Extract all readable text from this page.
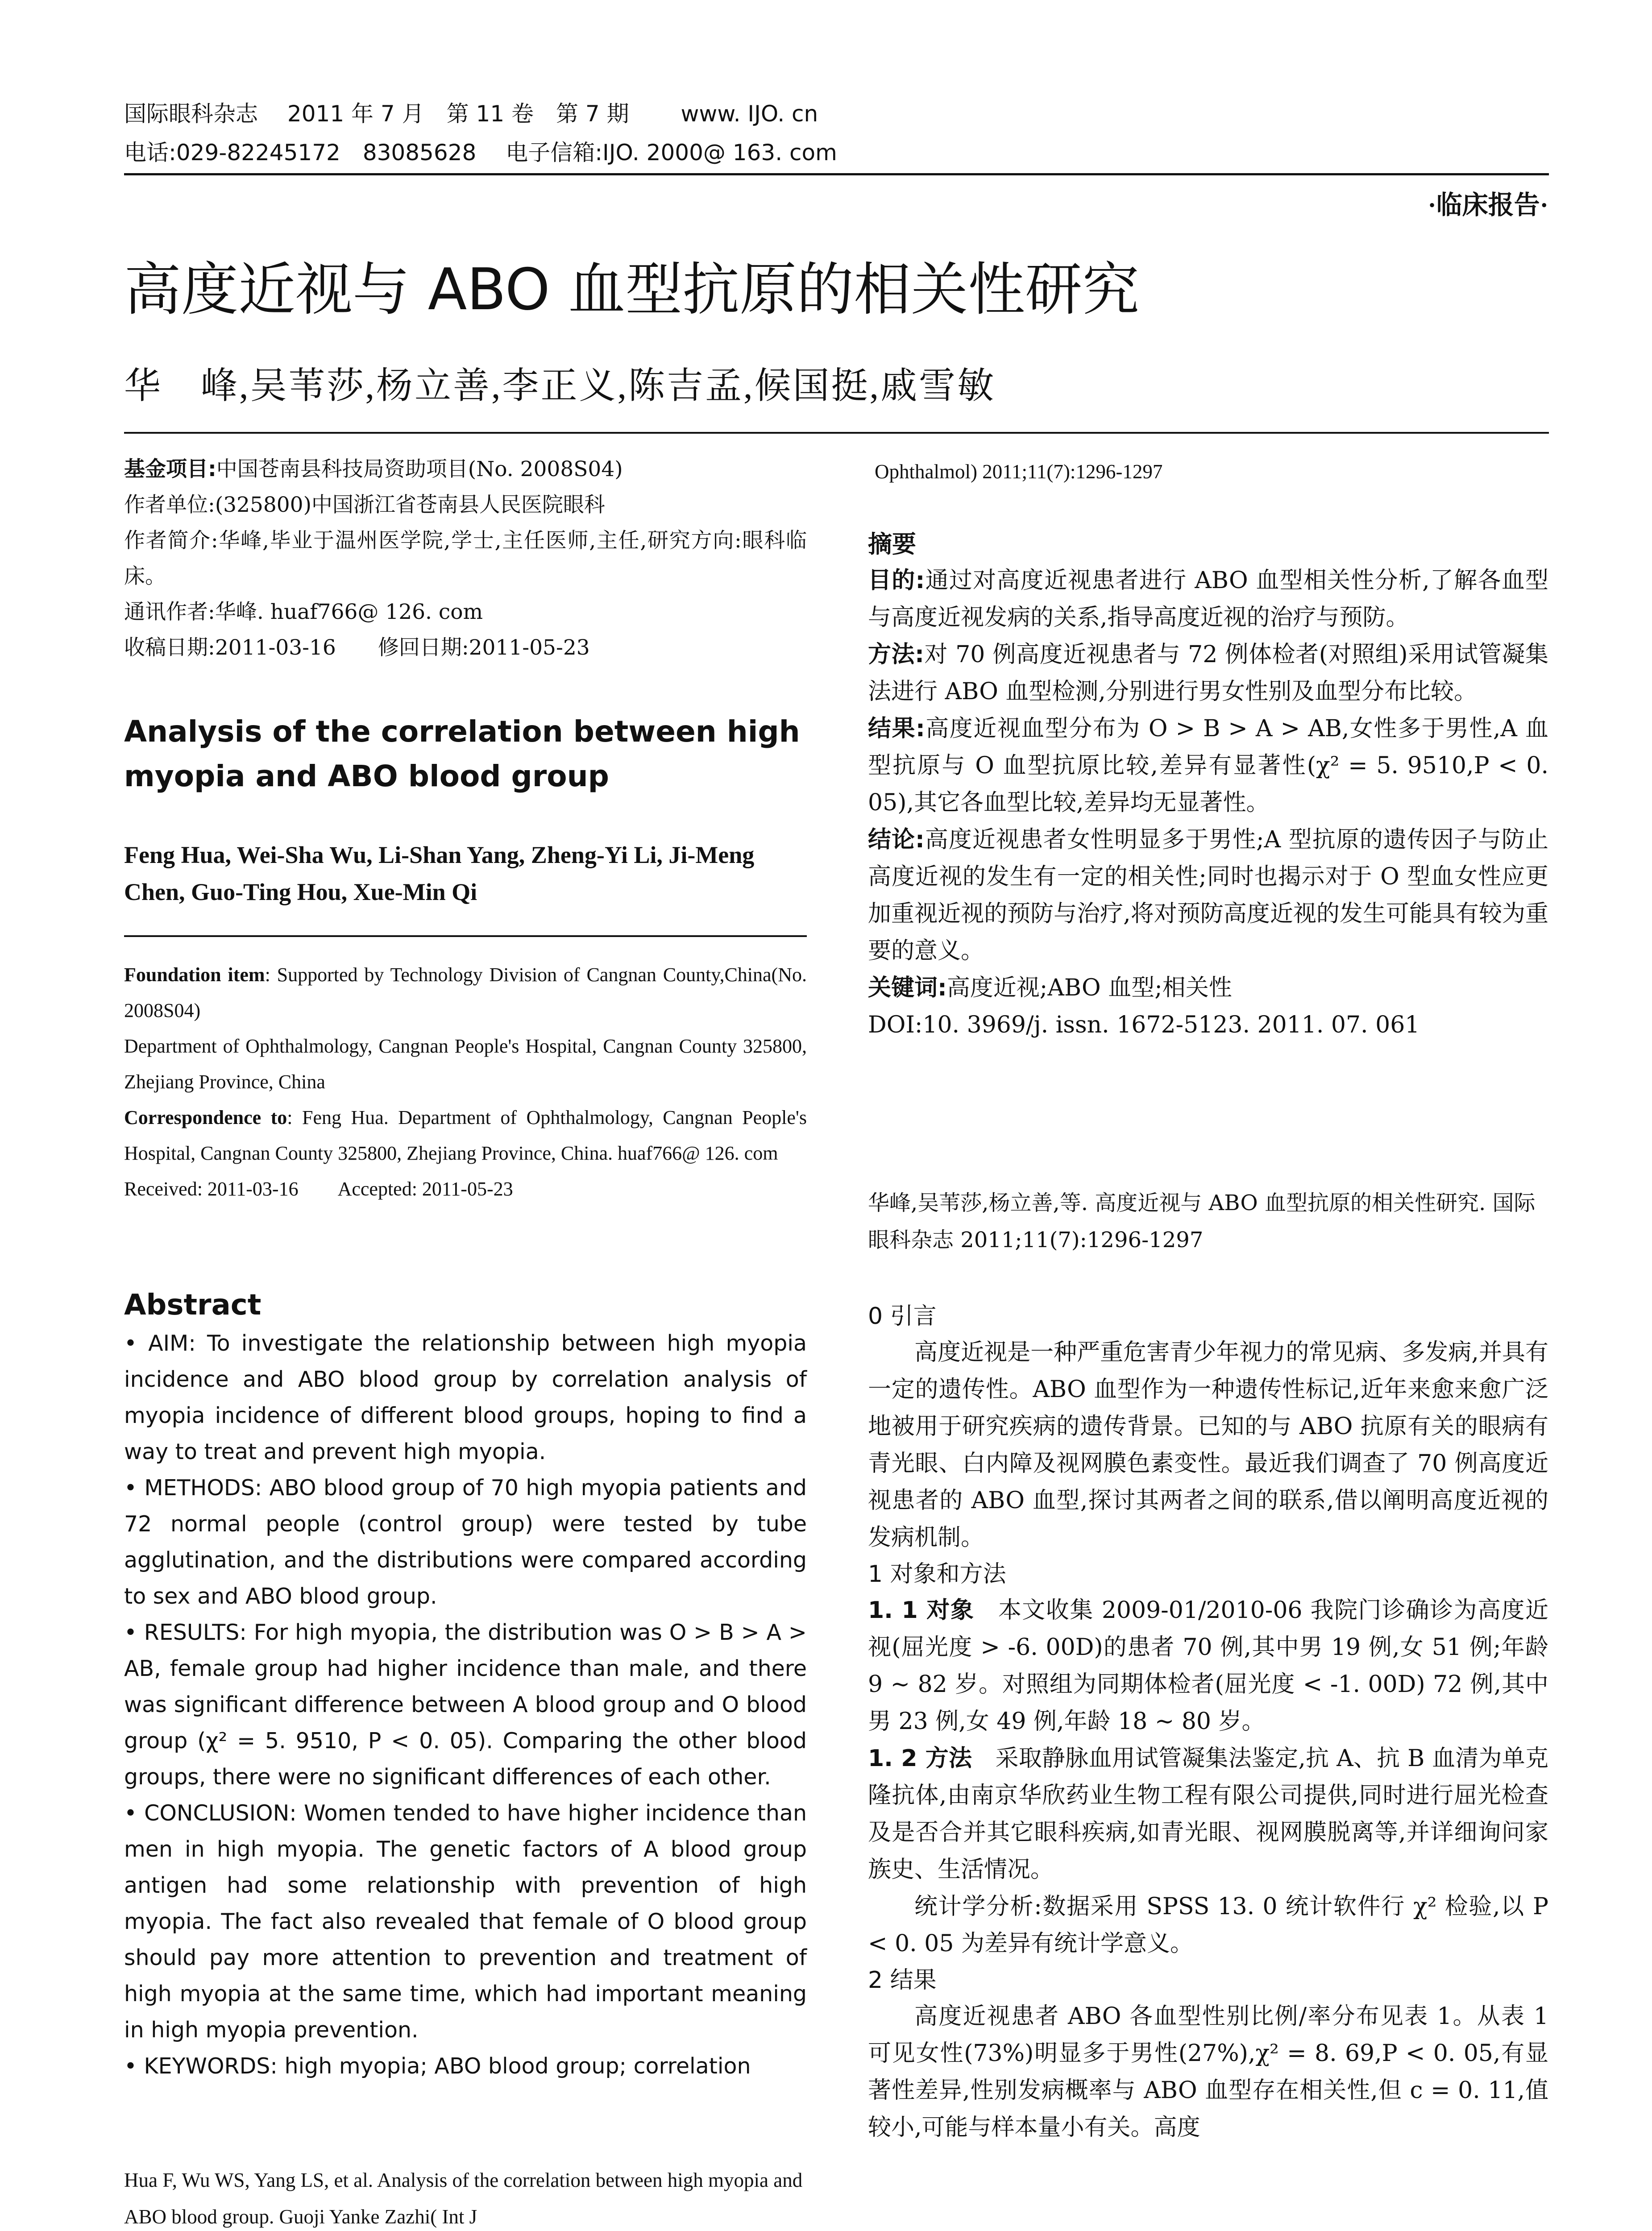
国际眼科杂志　 2011 年 7 月　第 11 卷　第 7 期　　 www. IJO. cn
电话:029-82245172　83085628　 电子信箱:IJO. 2000@ 163. com
·临床报告·
高度近视与 ABO 血型抗原的相关性研究
华　峰,吴苇莎,杨立善,李正义,陈吉孟,候国挺,戚雪敏

基金项目:中国苍南县科技局资助项目(No. 2008S04)

作者单位:(325800)中国浙江省苍南县人民医院眼科

作者简介:华峰,毕业于温州医学院,学士,主任医师,主任,研究方向:眼科临床。

通讯作者:华峰. huaf766@ 126. com

收稿日期:2011-03-16　　修回日期:2011-05-23

Analysis of the correlation between high myopia and ABO blood group
Feng Hua, Wei-Sha Wu, Li-Shan Yang, Zheng-Yi Li, Ji-Meng Chen, Guo-Ting Hou, Xue-Min Qi

Foundation item: Supported by Technology Division of Cangnan County,China(No. 2008S04)

Department of Ophthalmology, Cangnan People's Hospital, Cangnan County 325800, Zhejiang Province, China

Correspondence to: Feng Hua. Department of Ophthalmology, Cangnan People's Hospital, Cangnan County 325800, Zhejiang Province, China. huaf766@ 126. com

Received: 2011-03-16　　Accepted: 2011-05-23

Abstract

• AIM: To investigate the relationship between high myopia incidence and ABO blood group by correlation analysis of myopia incidence of different blood groups, hoping to find a way to treat and prevent high myopia.

• METHODS: ABO blood group of 70 high myopia patients and 72 normal people (control group) were tested by tube agglutination, and the distributions were compared according to sex and ABO blood group.

• RESULTS: For high myopia, the distribution was O > B > A > AB, female group had higher incidence than male, and there was significant difference between A blood group and O blood group (χ² = 5. 9510, P < 0. 05). Comparing the other blood groups, there were no significant differences of each other.

• CONCLUSION: Women tended to have higher incidence than men in high myopia. The genetic factors of A blood group antigen had some relationship with prevention of high myopia. The fact also revealed that female of O blood group should pay more attention to prevention and treatment of high myopia at the same time, which had important meaning in high myopia prevention.

• KEYWORDS: high myopia; ABO blood group; correlation

Hua F, Wu WS, Yang LS, et al. Analysis of the correlation between high myopia and ABO blood group. Guoji Yanke Zazhi( Int J
Ophthalmol) 2011;11(7):1296-1297
摘要

目的:通过对高度近视患者进行 ABO 血型相关性分析,了解各血型与高度近视发病的关系,指导高度近视的治疗与预防。

方法:对 70 例高度近视患者与 72 例体检者(对照组)采用试管凝集法进行 ABO 血型检测,分别进行男女性别及血型分布比较。

结果:高度近视血型分布为 O > B > A > AB,女性多于男性,A 血型抗原与 O 血型抗原比较,差异有显著性(χ² = 5. 9510,P < 0. 05),其它各血型比较,差异均无显著性。

结论:高度近视患者女性明显多于男性;A 型抗原的遗传因子与防止高度近视的发生有一定的相关性;同时也揭示对于 O 型血女性应更加重视近视的预防与治疗,将对预防高度近视的发生可能具有较为重要的意义。

关键词:高度近视;ABO 血型;相关性

DOI:10. 3969/j. issn. 1672-5123. 2011. 07. 061

华峰,吴苇莎,杨立善,等. 高度近视与 ABO 血型抗原的相关性研究. 国际眼科杂志 2011;11(7):1296-1297
0 引言

高度近视是一种严重危害青少年视力的常见病、多发病,并具有一定的遗传性。ABO 血型作为一种遗传性标记,近年来愈来愈广泛地被用于研究疾病的遗传背景。已知的与 ABO 抗原有关的眼病有青光眼、白内障及视网膜色素变性。最近我们调查了 70 例高度近视患者的 ABO 血型,探讨其两者之间的联系,借以阐明高度近视的发病机制。

1 对象和方法

1. 1 对象　 本文收集 2009-01/2010-06 我院门诊确诊为高度近视(屈光度 > -6. 00D)的患者 70 例,其中男 19 例,女 51 例;年龄 9 ~ 82 岁。对照组为同期体检者(屈光度 < -1. 00D) 72 例,其中男 23 例,女 49 例,年龄 18 ~ 80 岁。

1. 2 方法　 采取静脉血用试管凝集法鉴定,抗 A、抗 B 血清为单克隆抗体,由南京华欣药业生物工程有限公司提供,同时进行屈光检查及是否合并其它眼科疾病,如青光眼、视网膜脱离等,并详细询问家族史、生活情况。

统计学分析:数据采用 SPSS 13. 0 统计软件行 χ² 检验,以 P < 0. 05 为差异有统计学意义。

2 结果

高度近视患者 ABO 各血型性别比例/率分布见表 1。从表 1 可见女性(73%)明显多于男性(27%),χ² = 8. 69,P < 0. 05,有显著性差异,性别发病概率与 ABO 血型存在相关性,但 c = 0. 11,值较小,可能与样本量小有关。高度
